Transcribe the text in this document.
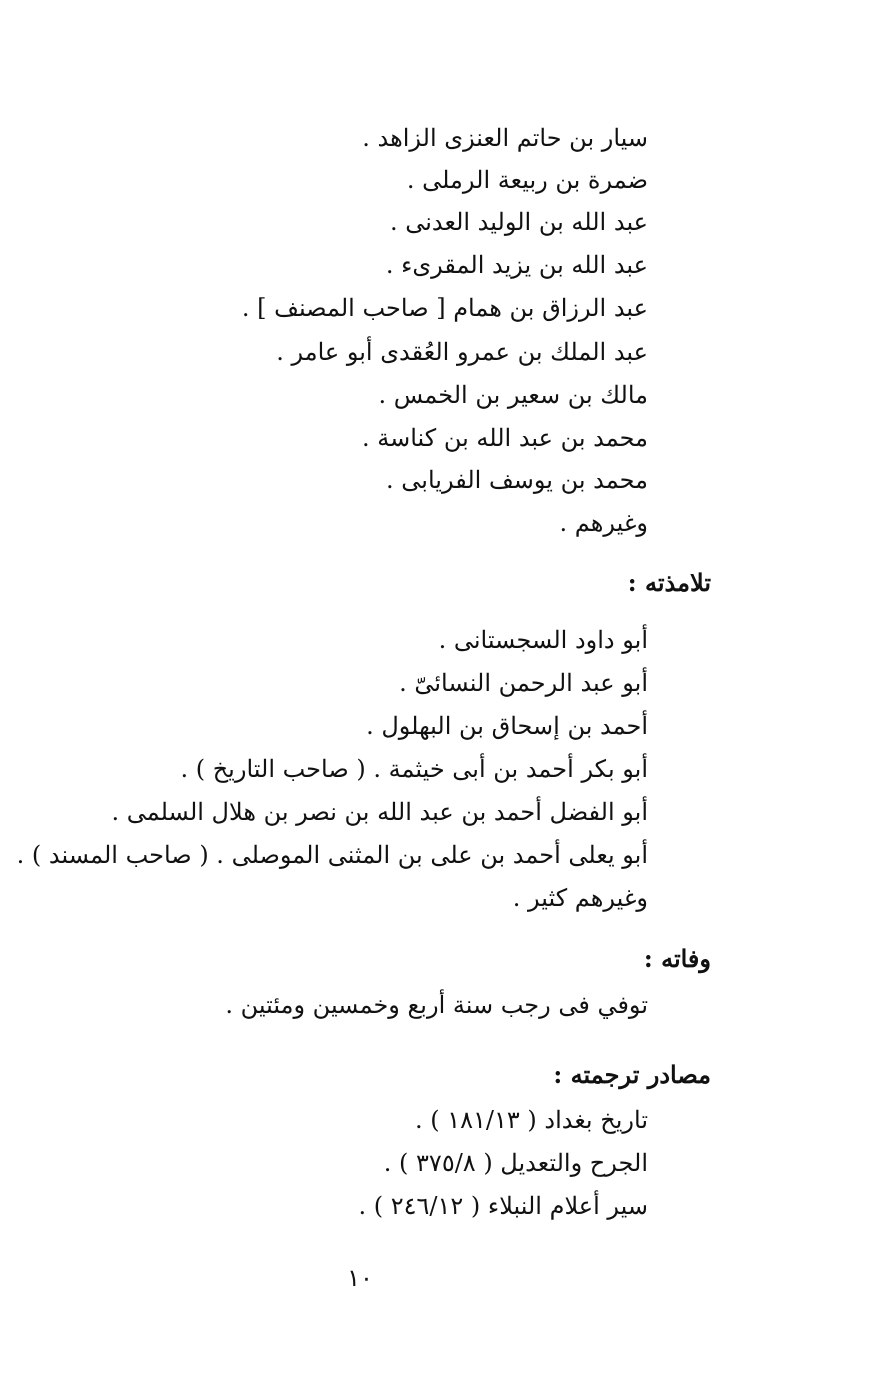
سيار بن حاتم العنزى الزاهد .
ضمرة بن ربيعة الرملى .
عبد الله بن الوليد العدنى .
عبد الله بن يزيد المقرىء .
عبد الرزاق بن همام [ صاحب المصنف ] .
عبد الملك بن عمرو العُقدى أبو عامر .
مالك بن سعير بن الخمس .
محمد بن عبد الله بن كناسة .
محمد بن يوسف الفريابى .
وغيرهم .
تلامذته :
أبو داود السجستانى .
أبو عبد الرحمن النسائىّ .
أحمد بن إسحاق بن البهلول .
أبو بكر أحمد بن أبى خيثمة . ( صاحب التاريخ ) .
أبو الفضل أحمد بن عبد الله بن نصر بن هلال السلمى .
أبو يعلى أحمد بن على بن المثنى الموصلى . ( صاحب المسند ) .
وغيرهم كثير .
وفاته :
توفي فى رجب سنة أربع وخمسين ومئتين .
مصادر ترجمته :
تاريخ بغداد ( ١٨١/١٣ ) .
الجرح والتعديل ( ٣٧٥/٨ ) .
سير أعلام النبلاء ( ٢٤٦/١٢ ) .
١٠
